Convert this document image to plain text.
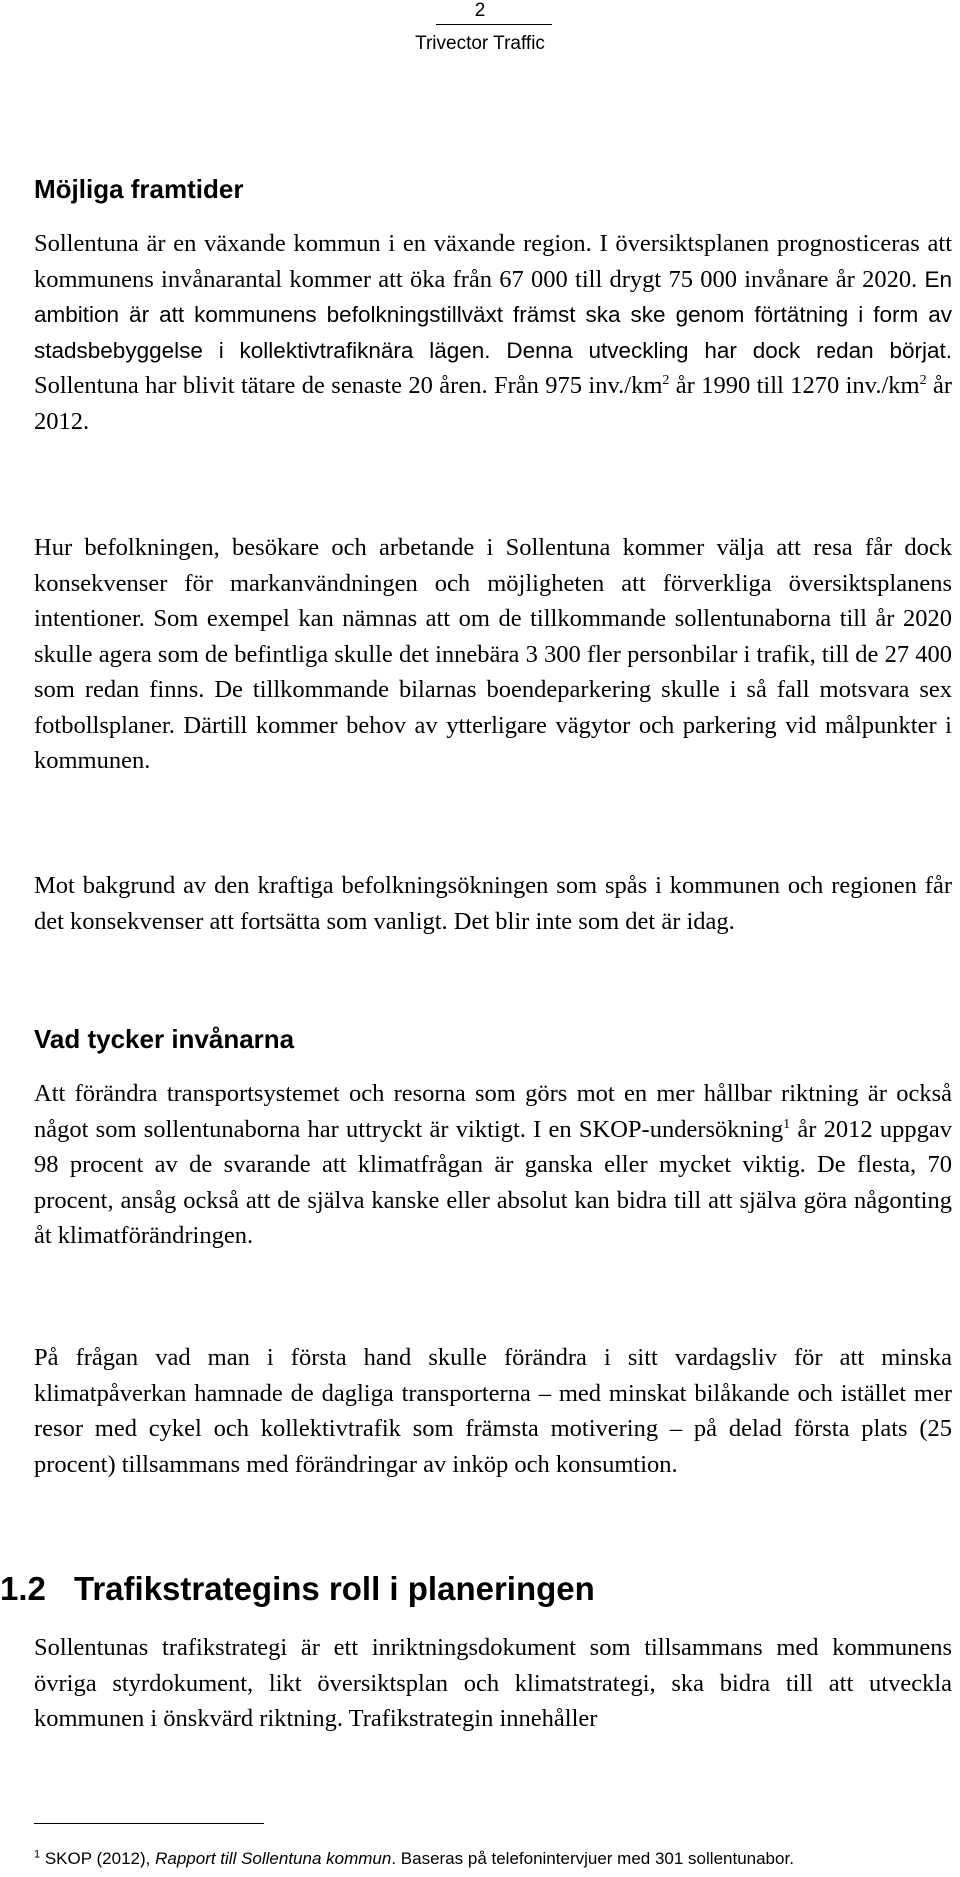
2
Trivector Traffic
Möjliga framtider

Sollentuna är en växande kommun i en växande region. I översiktsplanen prognosticeras att kommunens invånarantal kommer att öka från 67 000 till drygt 75 000 invånare år 2020. En ambition är att kommunens befolkningstillväxt främst ska ske genom förtätning i form av stadsbebyggelse i kollektivtrafiknära lägen. Denna utveckling har dock redan börjat. Sollentuna har blivit tätare de senaste 20 åren. Från 975 $inv./km^2$ år 1990 till 1270 $inv./km^2$ år 2012.

Hur befolkningen, besökare och arbetande i Sollentuna kommer välja att resa får dock konsekvenser för markanvändningen och möjligheten att förverkliga översiktsplanens intentioner. Som exempel kan nämnas att om de tillkommande sollentunaborna till år 2020 skulle agera som de befintliga skulle det innebära 3 300 fler personbilar i trafik, till de 27 400 som redan finns. De tillkommande bilarnas boendeparkering skulle i så fall motsvara sex fotbollsplaner. Därtill kommer behov av ytterligare vägytor och parkering vid målpunkter i kommunen.

Mot bakgrund av den kraftiga befolkningsökningen som spås i kommunen och regionen får det konsekvenser att fortsätta som vanligt. Det blir inte som det är idag.

Vad tycker invånarna

Att förändra transportsystemet och resorna som görs mot en mer hållbar riktning är också något som sollentunaborna har uttryckt är viktigt. I en SKOP-undersökning$^1$ år 2012 uppgav 98 procent av de svarande att klimatfrågan är ganska eller mycket viktig. De flesta, 70 procent, ansåg också att de själva kanske eller absolut kan bidra till att själva göra någonting åt klimatförändringen.

På frågan vad man i första hand skulle förändra i sitt vardagsliv för att minska klimatpåverkan hamnade de dagliga transporterna – med minskat bilåkande och istället mer resor med cykel och kollektivtrafik som främsta motivering – på delad första plats (25 procent) tillsammans med förändringar av inköp och konsumtion.

1.2 Trafikstrategins roll i planeringen

Sollentunas trafikstrategi är ett inriktningsdokument som tillsammans med kommunens övriga styrdokument, likt översiktsplan och klimatstrategi, ska bidra till att utveckla kommunen i önskvärd riktning. Trafikstrategin innehåller

$^1$ SKOP (2012), Rapport till Sollentuna kommun. Baseras på telefonintervjuer med 301 sollentunabor.
